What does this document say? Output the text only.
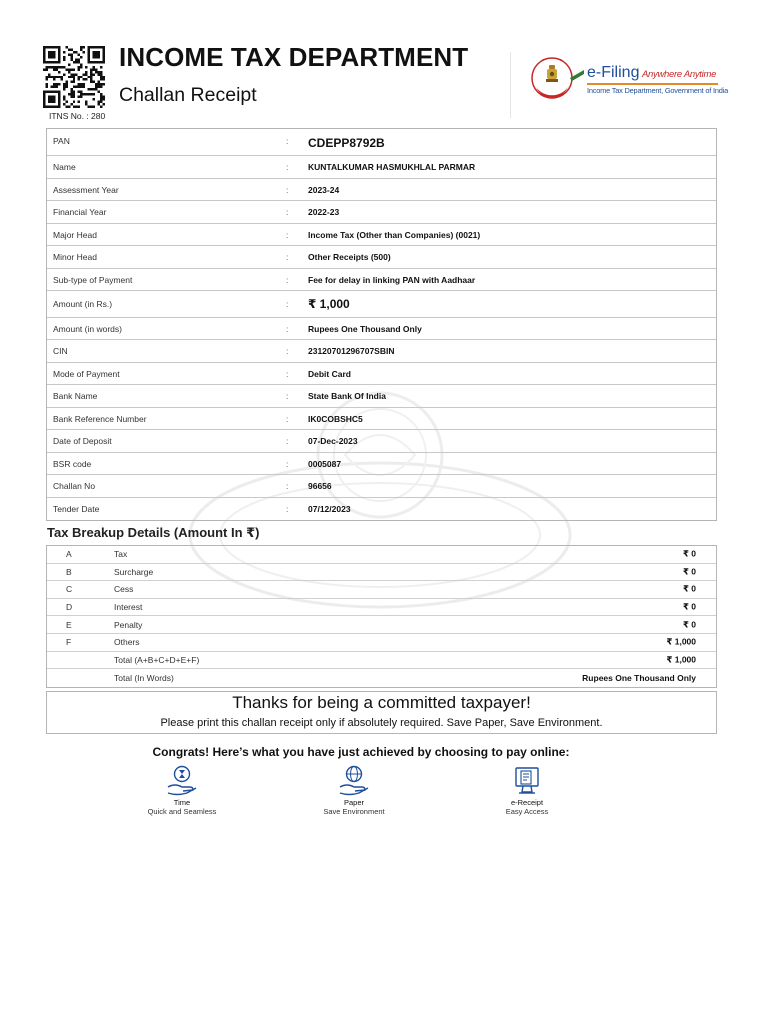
ITNS No. : 280
INCOME TAX DEPARTMENT
Challan Receipt
e-Filing Anywhere Anytime
Income Tax Department, Government of India
PAN	: CDEPP8792B
Name	: KUNTALKUMAR HASMUKHLAL PARMAR
Assessment Year	: 2023-24
Financial Year	: 2022-23
Major Head	: Income Tax (Other than Companies) (0021)
Minor Head	: Other Receipts (500)
Sub-type of Payment	: Fee for delay in linking PAN with Aadhaar
Amount (in Rs.)	: ₹ 1,000
Amount (in words)	: Rupees One Thousand Only
CIN	: 23120701296707SBIN
Mode of Payment	: Debit Card
Bank Name	: State Bank Of India
Bank Reference Number	: IK0COBSHC5
Date of Deposit	: 07-Dec-2023
BSR code	: 0005087
Challan No	: 96656
Tender Date	: 07/12/2023
Tax Breakup Details (Amount In ₹)
A	Tax	₹ 0
B	Surcharge	₹ 0
C	Cess	₹ 0
D	Interest	₹ 0
E	Penalty	₹ 0
F	Others	₹ 1,000
Total (A+B+C+D+E+F)	₹ 1,000
Total (In Words)	Rupees One Thousand Only
Thanks for being a committed taxpayer!
Please print this challan receipt only if absolutely required. Save Paper, Save Environment.
Congrats! Here’s what you have just achieved by choosing to pay online:
Time
Quick and Seamless
Paper
Save Environment
e-Receipt
Easy Access
